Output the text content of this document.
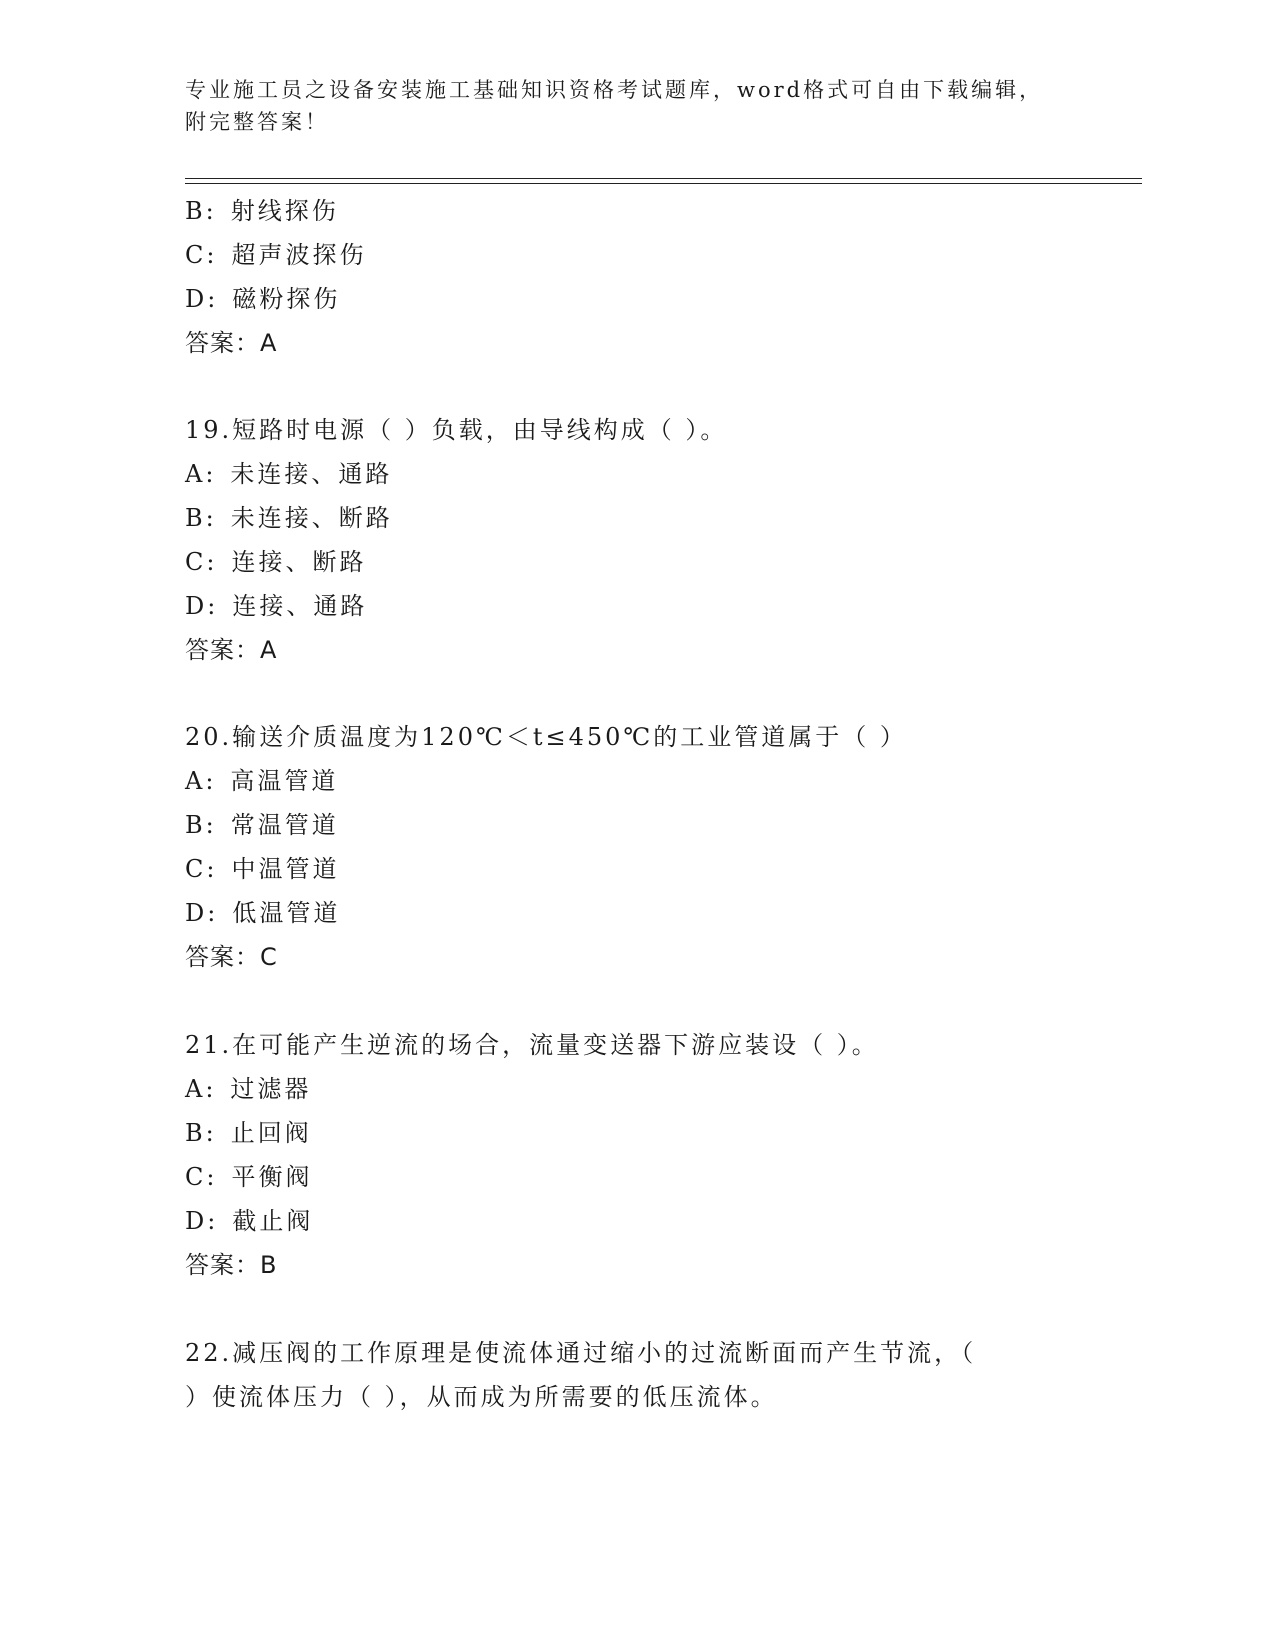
专业施工员之设备安装施工基础知识资格考试题库，word格式可自由下载编辑，
附完整答案！
B: 射线探伤
C: 超声波探伤
D: 磁粉探伤
答案：A
19.短路时电源（ ）负载，由导线构成（ ）。
A: 未连接、通路
B: 未连接、断路
C: 连接、断路
D: 连接、通路
答案：A
20.输送介质温度为120℃＜t≤450℃的工业管道属于（ ）
A: 高温管道
B: 常温管道
C: 中温管道
D: 低温管道
答案：C
21.在可能产生逆流的场合，流量变送器下游应装设（ ）。
A: 过滤器
B: 止回阀
C: 平衡阀
D: 截止阀
答案：B
22.减压阀的工作原理是使流体通过缩小的过流断面而产生节流，（
）使流体压力（ ），从而成为所需要的低压流体。
